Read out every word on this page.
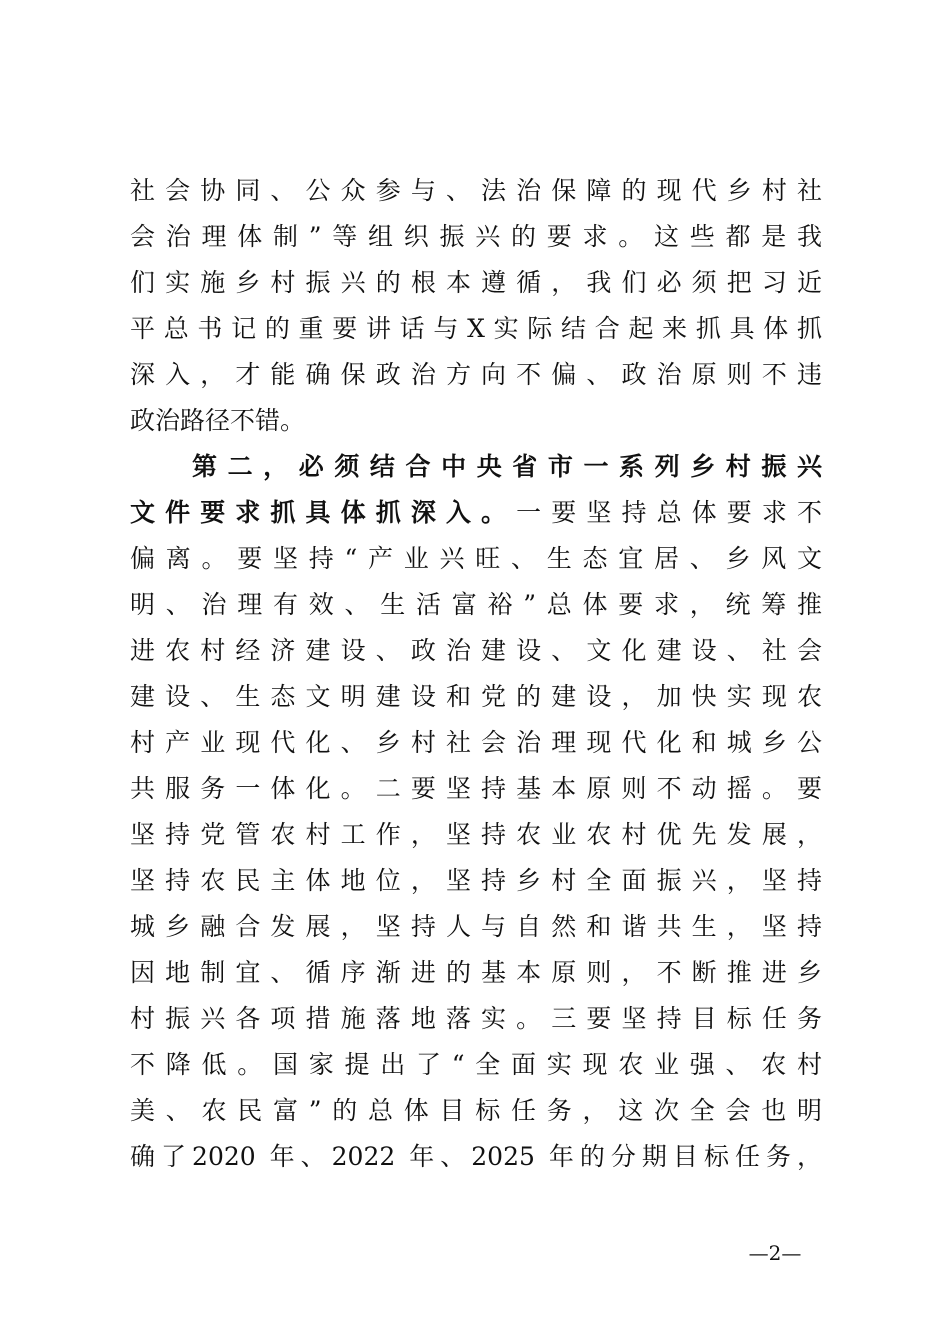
社会协同、公众参与、法治保障的现代乡村社
会治理体制”等组织振兴的要求。这些都是我
们实施乡村振兴的根本遵循，我们必须把习近
平总书记的重要讲话与X实际结合起来抓具体抓
深入，才能确保政治方向不偏、政治原则不违
政治路径不错。
第二，必须结合中央省市一系列乡村振兴
文件要求抓具体抓深入。一要坚持总体要求不
偏离。要坚持“产业兴旺、生态宜居、乡风文
明、治理有效、生活富裕”总体要求，统筹推
进农村经济建设、政治建设、文化建设、社会
建设、生态文明建设和党的建设，加快实现农
村产业现代化、乡村社会治理现代化和城乡公
共服务一体化。二要坚持基本原则不动摇。要
坚持党管农村工作，坚持农业农村优先发展，
坚持农民主体地位，坚持乡村全面振兴，坚持
城乡融合发展，坚持人与自然和谐共生，坚持
因地制宜、循序渐进的基本原则，不断推进乡
村振兴各项措施落地落实。三要坚持目标任务
不降低。国家提出了“全面实现农业强、农村
美、农民富”的总体目标任务，这次全会也明
确了2020 年、2022 年、2025 年的分期目标任务，
—2—
